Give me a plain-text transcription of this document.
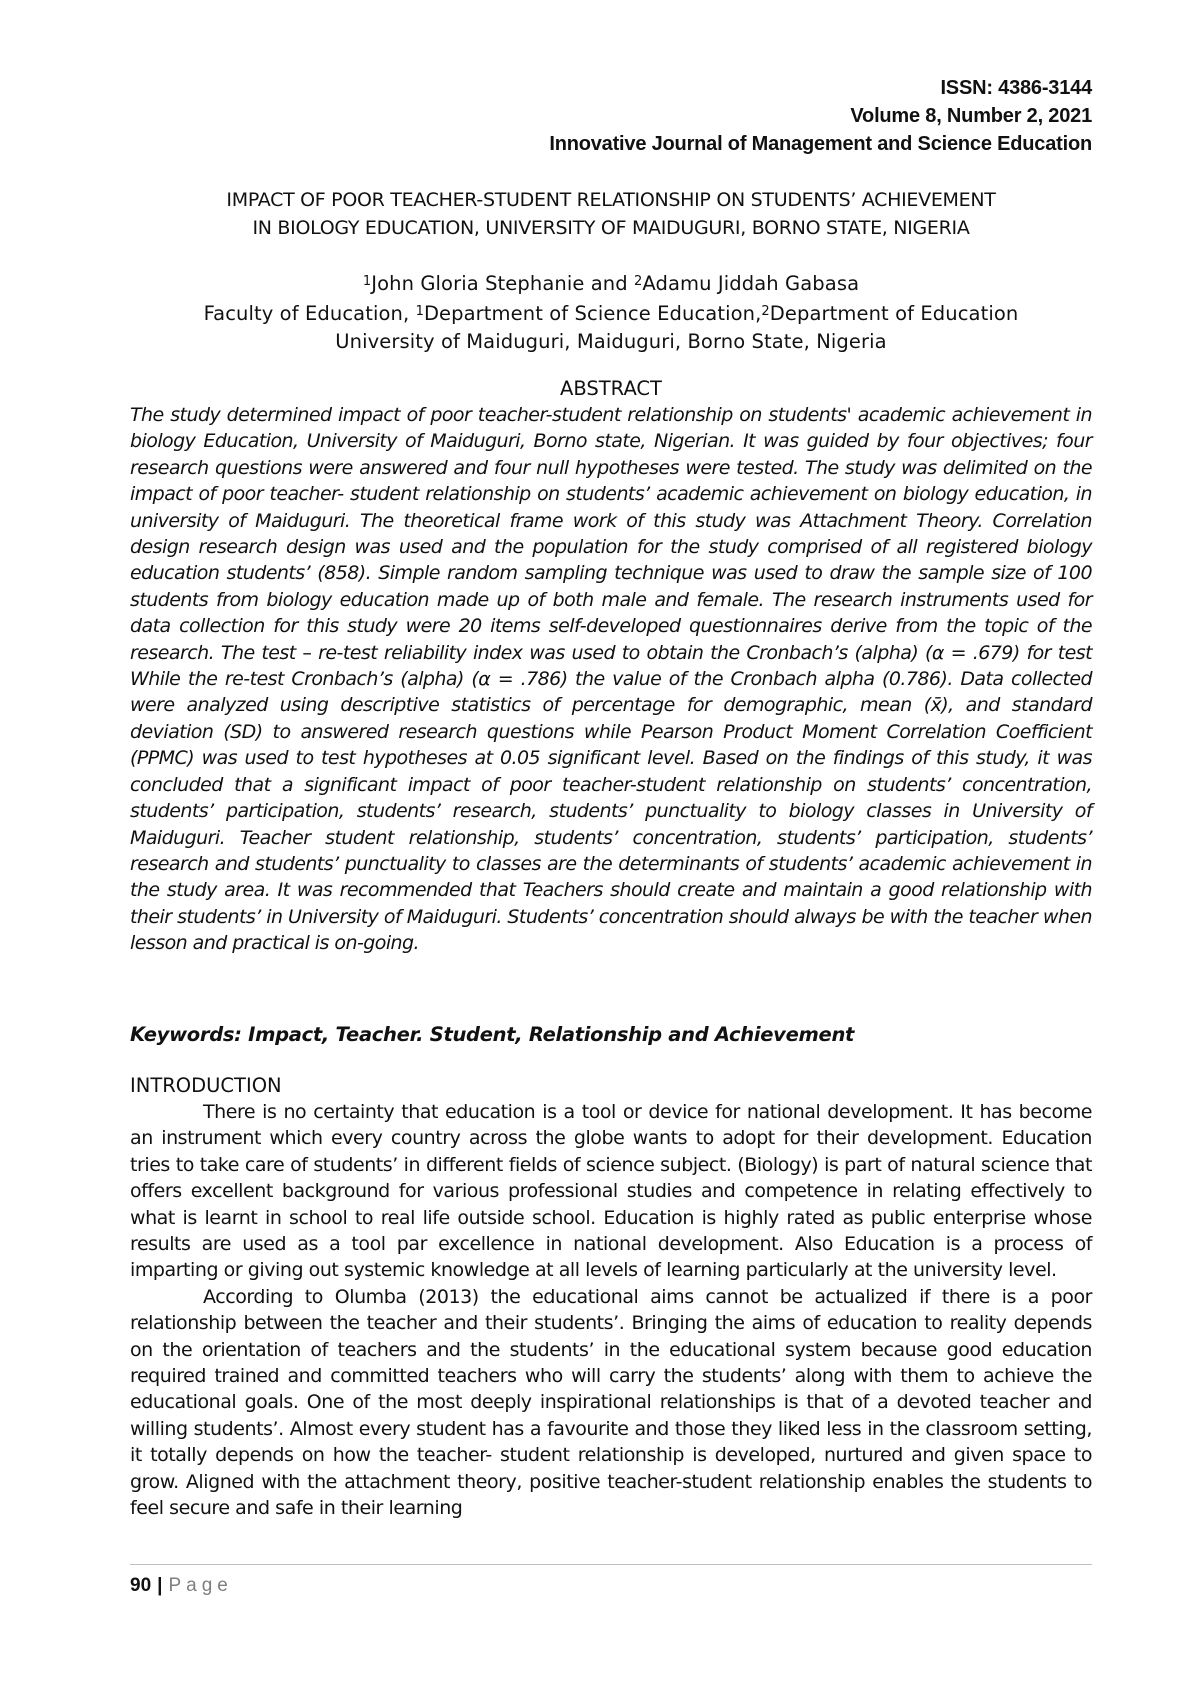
ISSN: 4386-3144
Volume 8, Number 2, 2021
Innovative Journal of Management and Science Education
IMPACT OF POOR TEACHER-STUDENT RELATIONSHIP ON STUDENTS’ ACHIEVEMENT
IN BIOLOGY EDUCATION, UNIVERSITY OF MAIDUGURI, BORNO STATE, NIGERIA
$^1$John Gloria Stephanie and $^2$Adamu Jiddah Gabasa
Faculty of Education, $^1$Department of Science Education,$^2$Department of Education
University of Maiduguri, Maiduguri, Borno State, Nigeria
ABSTRACT
The study determined impact of poor teacher-student relationship on students' academic achievement in biology Education, University of Maiduguri, Borno state, Nigerian. It was guided by four objectives; four research questions were answered and four null hypotheses were tested. The study was delimited on the impact of poor teacher- student relationship on students’ academic achievement on biology education, in university of Maiduguri. The theoretical frame work of this study was Attachment Theory. Correlation design research design was used and the population for the study comprised of all registered biology education students’ (858). Simple random sampling technique was used to draw the sample size of 100 students from biology education made up of both male and female. The research instruments used for data collection for this study were 20 items self-developed questionnaires derive from the topic of the research. The test – re-test reliability index was used to obtain the Cronbach’s (alpha) (α = .679) for test While the re-test Cronbach’s (alpha) (α = .786) the value of the Cronbach alpha (0.786). Data collected were analyzed using descriptive statistics of percentage for demographic, mean (x̄), and standard deviation (SD) to answered research questions while Pearson Product Moment Correlation Coefficient (PPMC) was used to test hypotheses at 0.05 significant level. Based on the findings of this study, it was concluded that a significant impact of poor teacher-student relationship on students’ concentration, students’ participation, students’ research, students’ punctuality to biology classes in University of Maiduguri. Teacher student relationship, students’ concentration, students’ participation, students’ research and students’ punctuality to classes are the determinants of students’ academic achievement in the study area. It was recommended that Teachers should create and maintain a good relationship with their students’ in University of Maiduguri. Students’ concentration should always be with the teacher when lesson and practical is on-going.
Keywords: Impact, Teacher. Student, Relationship and Achievement
INTRODUCTION

There is no certainty that education is a tool or device for national development. It has become an instrument which every country across the globe wants to adopt for their development. Education tries to take care of students’ in different fields of science subject. (Biology) is part of natural science that offers excellent background for various professional studies and competence in relating effectively to what is learnt in school to real life outside school. Education is highly rated as public enterprise whose results are used as a tool par excellence in national development. Also Education is a process of imparting or giving out systemic knowledge at all levels of learning particularly at the university level.

According to Olumba (2013) the educational aims cannot be actualized if there is a poor relationship between the teacher and their students’. Bringing the aims of education to reality depends on the orientation of teachers and the students’ in the educational system because good education required trained and committed teachers who will carry the students’ along with them to achieve the educational goals. One of the most deeply inspirational relationships is that of a devoted teacher and willing students’. Almost every student has a favourite and those they liked less in the classroom setting, it totally depends on how the teacher- student relationship is developed, nurtured and given space to grow. Aligned with the attachment theory, positive teacher-student relationship enables the students to feel secure and safe in their learning

90 | Page
